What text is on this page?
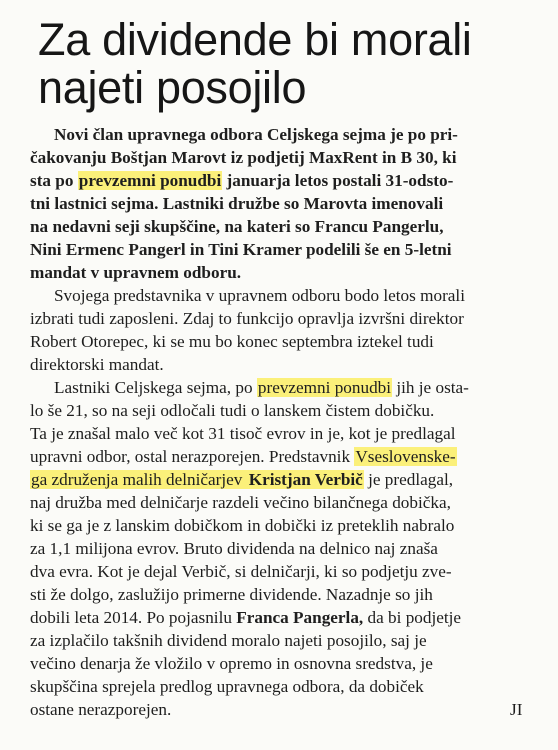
Za dividende bi morali
najeti posojilo
Novi član upravnega odbora Celjskega sejma je po pri-
čakovanju Boštjan Marovt iz podjetij MaxRent in B 30, ki
sta po prevzemni ponudbi januarja letos postali 31-odsto-
tni lastnici sejma. Lastniki družbe so Marovta imenovali
na nedavni seji skupščine, na kateri so Francu Pangerlu,
Nini Ermenc Pangerl in Tini Kramer podelili še en 5-letni
mandat v upravnem odboru.
Svojega predstavnika v upravnem odboru bodo letos morali
izbrati tudi zaposleni. Zdaj to funkcijo opravlja izvršni direktor
Robert Otorepec, ki se mu bo konec septembra iztekel tudi
direktorski mandat.
Lastniki Celjskega sejma, po prevzemni ponudbi jih je osta-
lo še 21, so na seji odločali tudi o lanskem čistem dobičku.
Ta je znašal malo več kot 31 tisoč evrov in je, kot je predlagal
upravni odbor, ostal nerazporejen. Predstavnik Vseslovenske-
ga združenja malih delničarjev Kristjan Verbič je predlagal,
naj družba med delničarje razdeli večino bilančnega dobička,
ki se ga je z lanskim dobičkom in dobički iz preteklih nabralo
za 1,1 milijona evrov. Bruto dividenda na delnico naj znaša
dva evra. Kot je dejal Verbič, si delničarji, ki so podjetju zve-
sti že dolgo, zaslužijo primerne dividende. Nazadnje so jih
dobili leta 2014. Po pojasnilu Franca Pangerla, da bi podjetje
za izplačilo takšnih dividend moralo najeti posojilo, saj je
večino denarja že vložilo v opremo in osnovna sredstva, je
skupščina sprejela predlog upravnega odbora, da dobiček
ostane nerazporejen.	JI
